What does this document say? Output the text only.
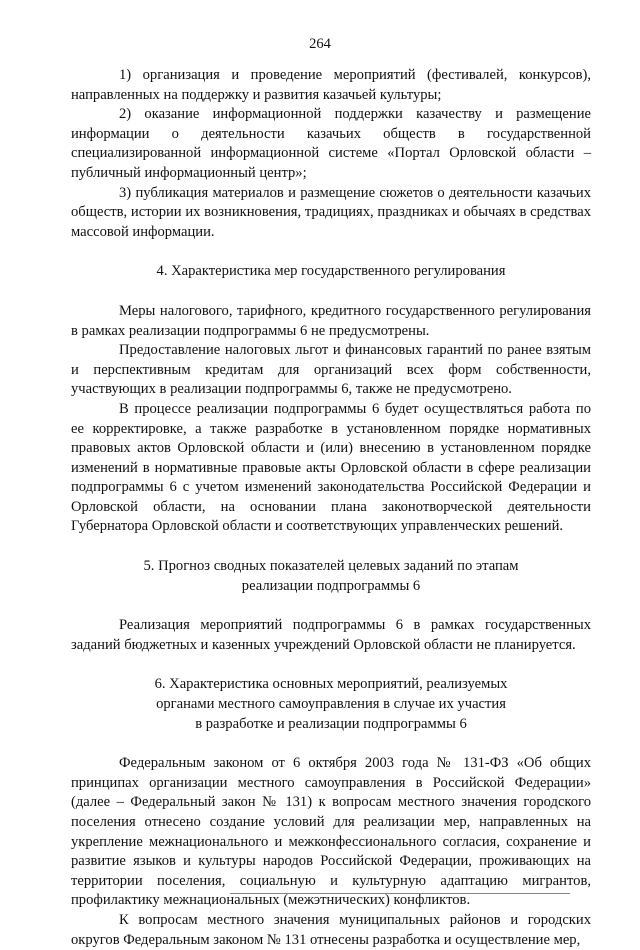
264

1) организация и проведение мероприятий (фестивалей, конкурсов), направленных на поддержку и развития казачьей культуры;

2) оказание информационной поддержки казачеству и размещение информации о деятельности казачьих обществ в государственной специализированной информационной системе «Портал Орловской области – публичный информационный центр»;

3) публикация материалов и размещение сюжетов о деятельности казачьих обществ, истории их возникновения, традициях, праздниках и обычаях в средствах массовой информации.

4. Характеристика мер государственного регулирования

Меры налогового, тарифного, кредитного государственного регулирования в рамках реализации подпрограммы 6 не предусмотрены.

Предоставление налоговых льгот и финансовых гарантий по ранее взятым и перспективным кредитам для организаций всех форм собственности, участвующих в реализации подпрограммы 6, также не предусмотрено.

В процессе реализации подпрограммы 6 будет осуществляться работа по ее корректировке, а также разработке в установленном порядке нормативных правовых актов Орловской области и (или) внесению в установленном порядке изменений в нормативные правовые акты Орловской области в сфере реализации подпрограммы 6 с учетом изменений законодательства Российской Федерации и Орловской области, на основании плана законотворческой деятельности Губернатора Орловской области и соответствующих управленческих решений.

5. Прогноз сводных показателей целевых заданий по этапам
реализации подпрограммы 6

Реализация мероприятий подпрограммы 6 в рамках государственных заданий бюджетных и казенных учреждений Орловской области не планируется.

6. Характеристика основных мероприятий, реализуемых
органами местного самоуправления в случае их участия
в разработке и реализации подпрограммы 6

Федеральным законом от 6 октября 2003 года № 131-ФЗ «Об общих принципах организации местного самоуправления в Российской Федерации» (далее – Федеральный закон № 131) к вопросам местного значения городского поселения отнесено создание условий для реализации мер, направленных на укрепление межнационального и межконфессионального согласия, сохранение и развитие языков и культуры народов Российской Федерации, проживающих на территории поселения, социальную и культурную адаптацию мигрантов, профилактику межнациональных (межэтнических) конфликтов.

К вопросам местного значения муниципальных районов и городских округов Федеральным законом № 131 отнесены разработка и осуществление мер,
